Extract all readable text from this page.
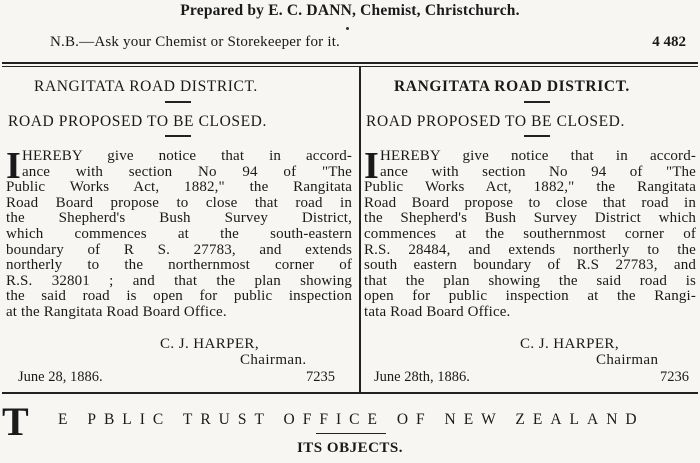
Prepared by E. C. DANN, Chemist, Christchurch.
N.B.—Ask your Chemist or Storekeeper for it.	4 482
RANGITATA ROAD DISTRICT.
ROAD PROPOSED TO BE CLOSED.
I HEREBY give notice that in accord-
ance with section No 94 of "The
Public Works Act, 1882," the Rangitata
Road Board propose to close that road in
the Shepherd's Bush Survey District,
which commences at the south-eastern
boundary of R S. 27783, and extends
northerly to the northernmost corner of
R.S. 32801 ; and that the plan showing
the said road is open for public inspection
at the Rangitata Road Board Office.
C. J. HARPER,
Chairman.
June 28, 1886.	7235
RANGITATA ROAD DISTRICT.
ROAD PROPOSED TO BE CLOSED.
I HEREBY give notice that in accord-
ance with section No 94 of "The
Public Works Act, 1882," the Rangitata
Road Board propose to close that road in
the Shepherd's Bush Survey District which
commences at the southernmost corner of
R.S. 28484, and extends northerly to the
south eastern boundary of R.S 27783, and
that the plan showing the said road is
open for public inspection at the Rangi-
tata Road Board Office.
C. J. HARPER,
Chairman
June 28th, 1886.	7236
T E PBLIC TRUST OFFICE OF NEW ZEALAND
ITS OBJECTS.
